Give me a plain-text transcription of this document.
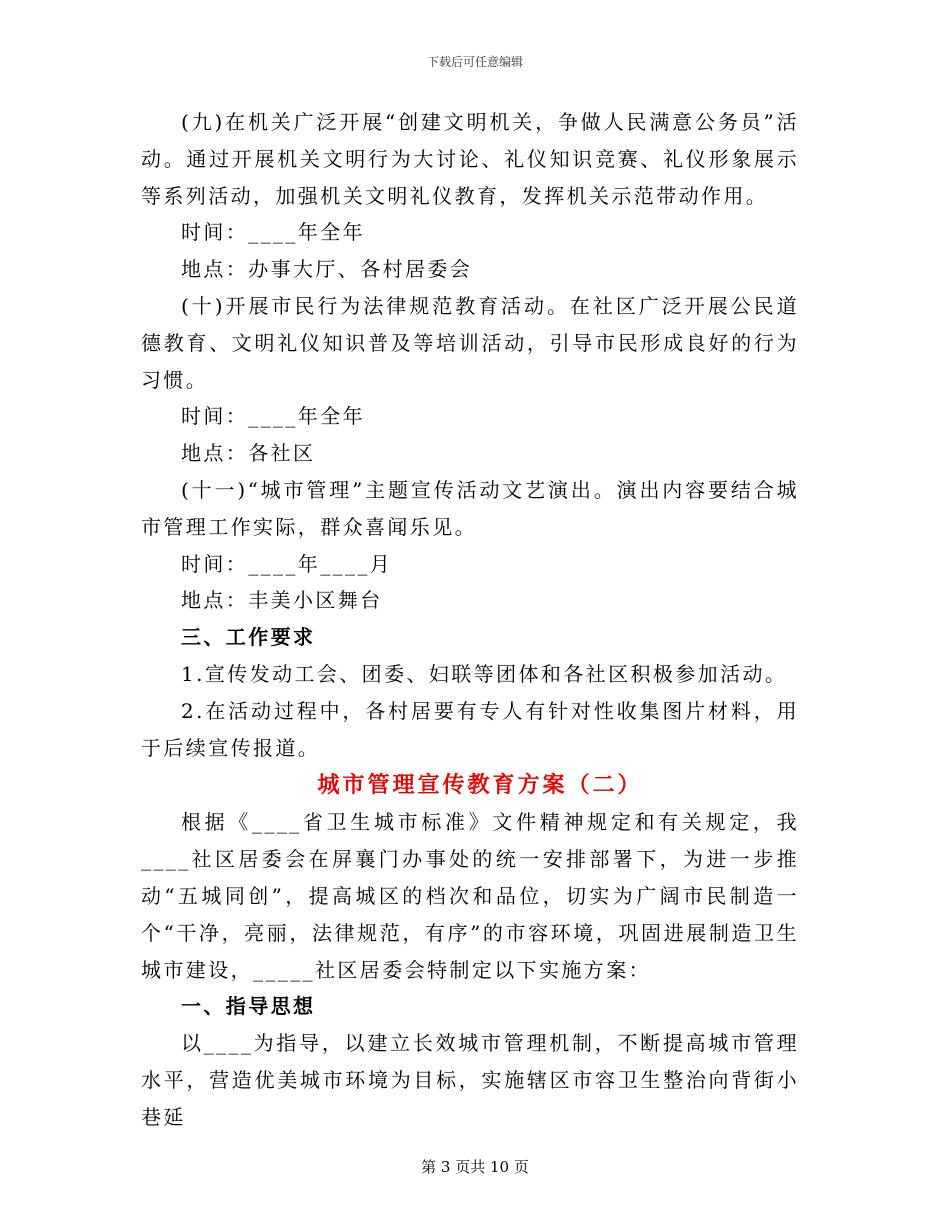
下载后可任意编辑

(九)在机关广泛开展“创建文明机关，争做人民满意公务员”活动。通过开展机关文明行为大讨论、礼仪知识竞赛、礼仪形象展示等系列活动，加强机关文明礼仪教育，发挥机关示范带动作用。

时间：____年全年

地点：办事大厅、各村居委会

(十)开展市民行为法律规范教育活动。在社区广泛开展公民道德教育、文明礼仪知识普及等培训活动，引导市民形成良好的行为习惯。

时间：____年全年

地点：各社区

(十一)“城市管理”主题宣传活动文艺演出。演出内容要结合城市管理工作实际，群众喜闻乐见。

时间：____年____月

地点：丰美小区舞台

三、工作要求

1.宣传发动工会、团委、妇联等团体和各社区积极参加活动。

2.在活动过程中，各村居要有专人有针对性收集图片材料，用于后续宣传报道。

城市管理宣传教育方案（二）

根据《____省卫生城市标准》文件精神规定和有关规定，我____社区居委会在屏襄门办事处的统一安排部署下，为进一步推动“五城同创”，提高城区的档次和品位，切实为广阔市民制造一个“干净，亮丽，法律规范，有序”的市容环境，巩固进展制造卫生城市建设，_____社区居委会特制定以下实施方案：

一、指导思想

以____为指导，以建立长效城市管理机制，不断提高城市管理水平，营造优美城市环境为目标，实施辖区市容卫生整治向背街小巷延

第 3 页共 10 页
